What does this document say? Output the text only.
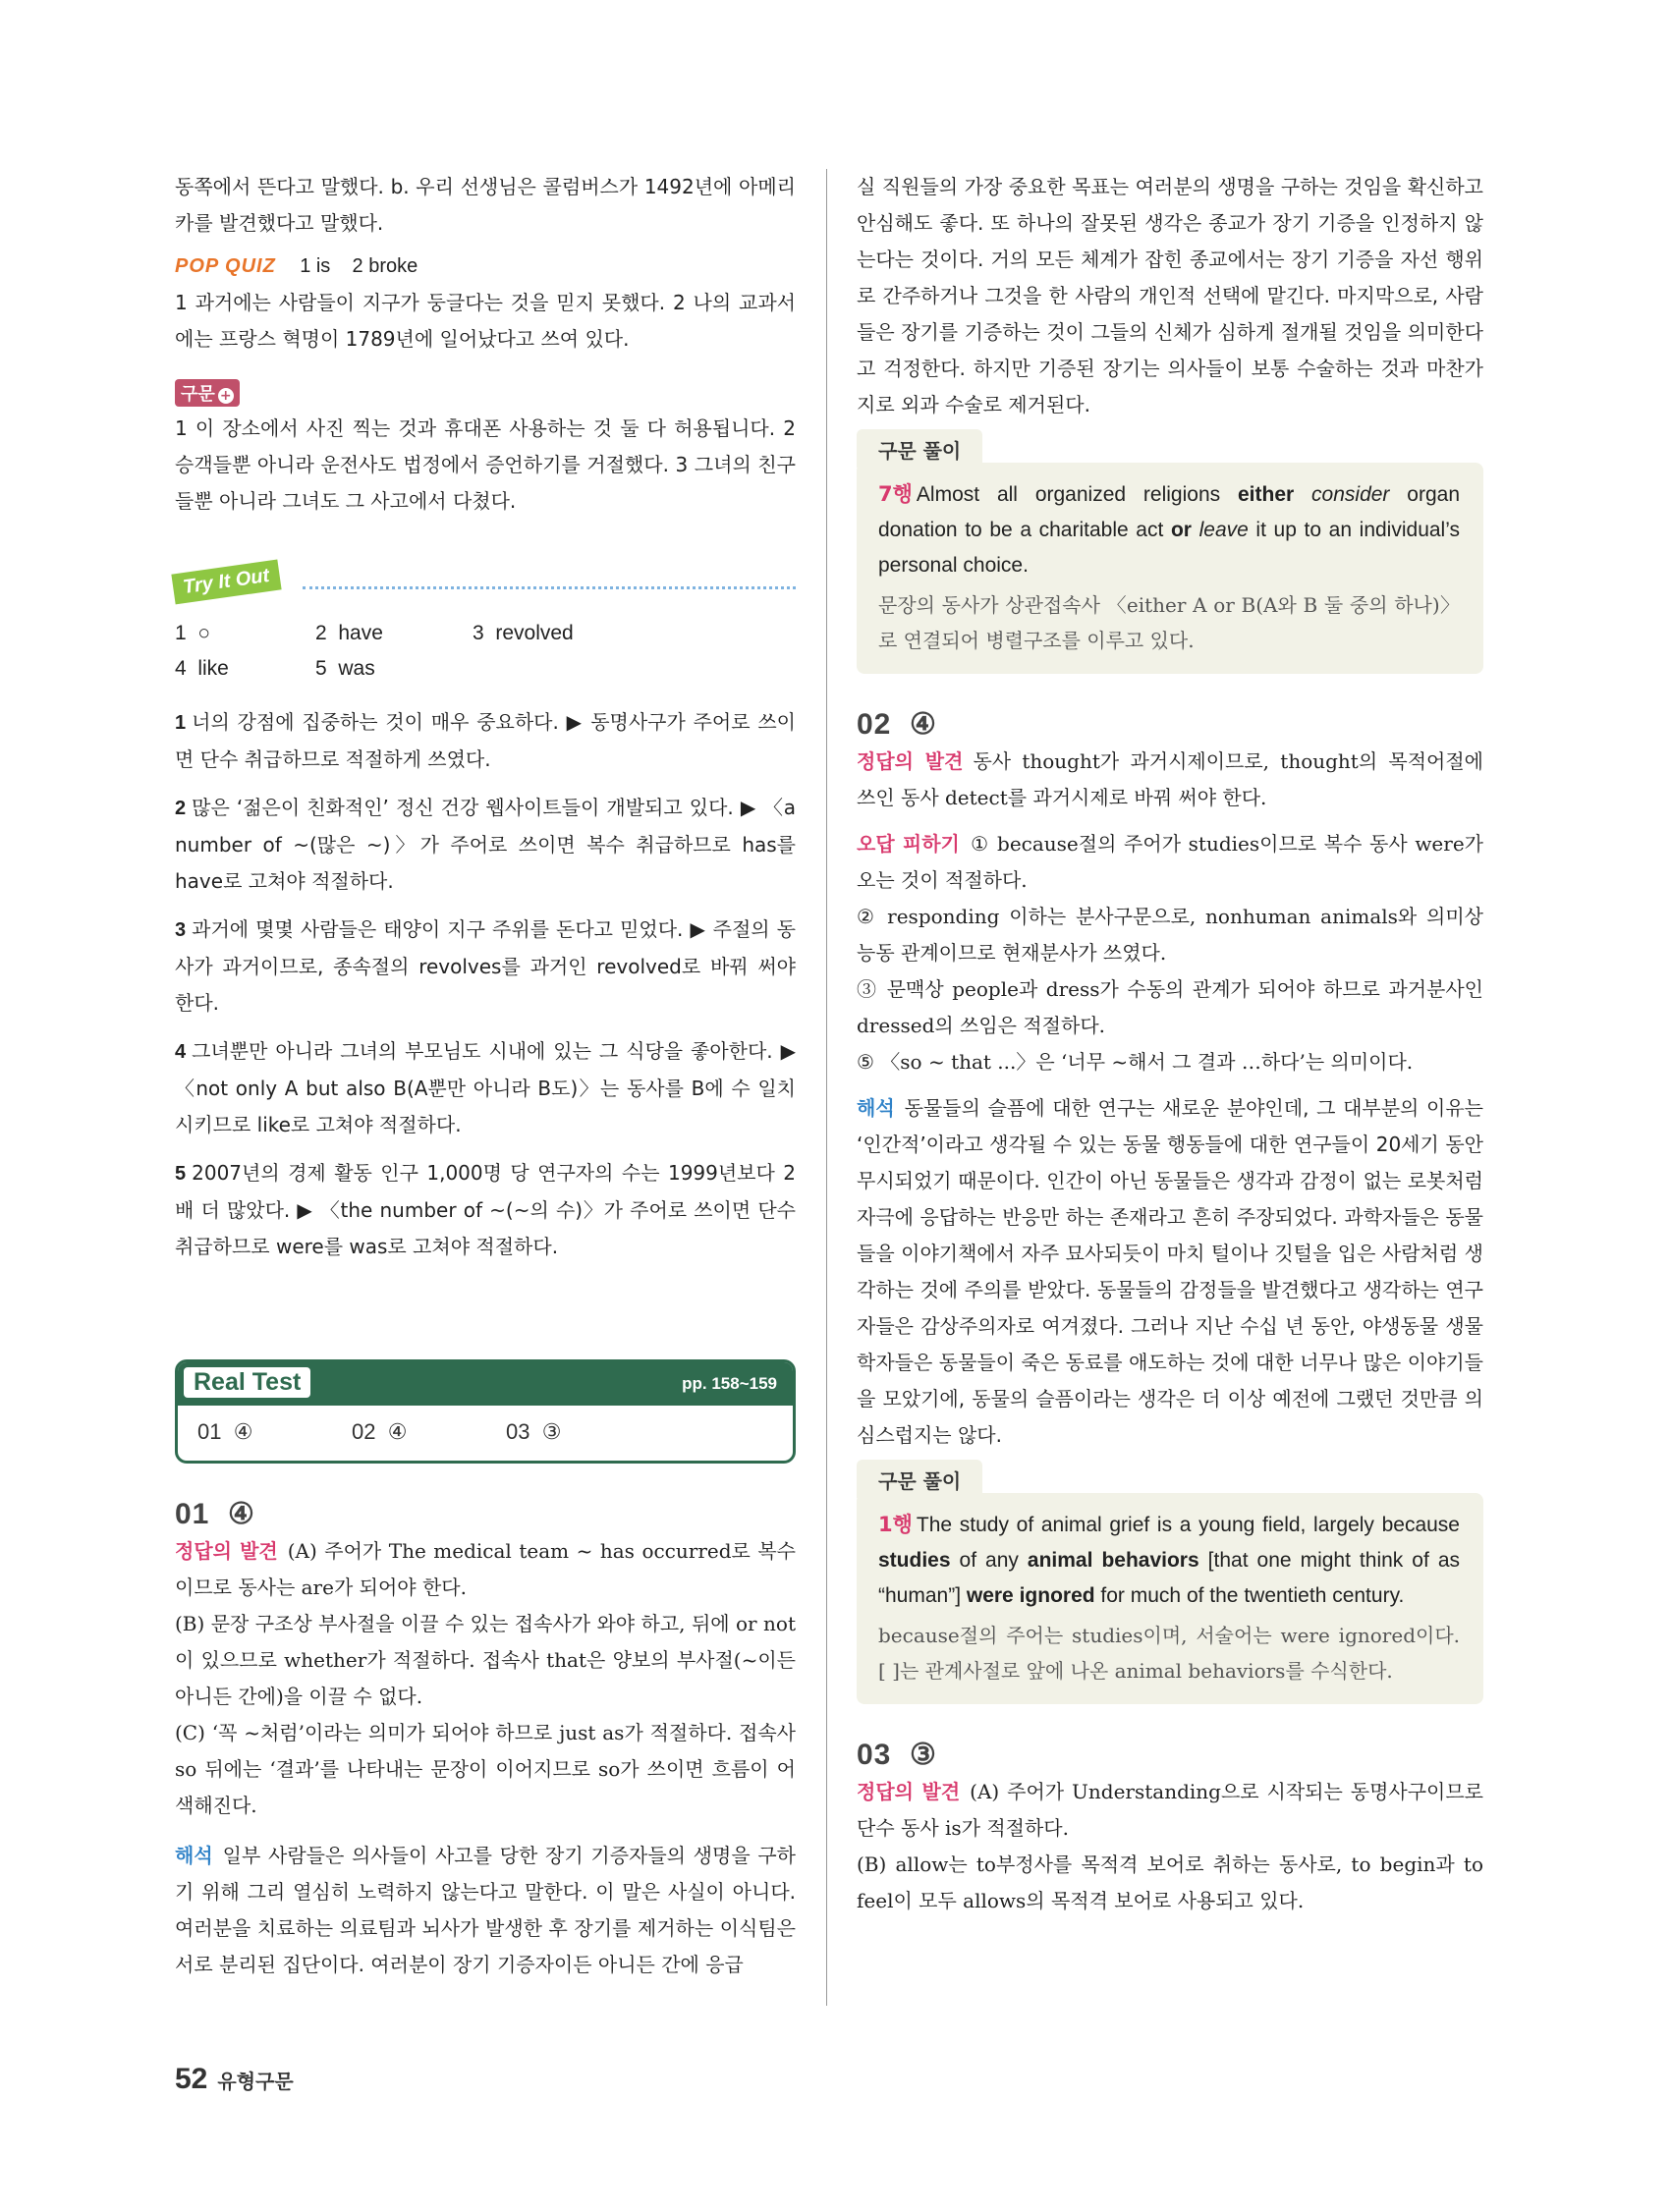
동쪽에서 뜬다고 말했다. b. 우리 선생님은 콜럼버스가 1492년에 아메리카를 발견했다고 말했다.

POP QUIZ 1 is    2 broke

1 과거에는 사람들이 지구가 둥글다는 것을 믿지 못했다. 2 나의 교과서에는 프랑스 혁명이 1789년에 일어났다고 쓰여 있다.

구문 +

1 이 장소에서 사진 찍는 것과 휴대폰 사용하는 것 둘 다 허용됩니다. 2 승객들뿐 아니라 운전사도 법정에서 증언하기를 거절했다. 3 그녀의 친구들뿐 아니라 그녀도 그 사고에서 다쳤다.

Try It Out
1  ○	2  have	3  revolved
4  like	5  was
1 너의 강점에 집중하는 것이 매우 중요하다. ▶ 동명사구가 주어로 쓰이면 단수 취급하므로 적절하게 쓰였다.
2 많은 ‘젊은이 친화적인’ 정신 건강 웹사이트들이 개발되고 있다. ▶ 〈a number of ~(많은 ~)〉가 주어로 쓰이면 복수 취급하므로 has를 have로 고쳐야 적절하다.
3 과거에 몇몇 사람들은 태양이 지구 주위를 돈다고 믿었다. ▶ 주절의 동사가 과거이므로, 종속절의 revolves를 과거인 revolved로 바꿔 써야 한다.
4 그녀뿐만 아니라 그녀의 부모님도 시내에 있는 그 식당을 좋아한다. ▶ 〈not only A but also B(A뿐만 아니라 B도)〉는 동사를 B에 수 일치시키므로 like로 고쳐야 적절하다.
5 2007년의 경제 활동 인구 1,000명 당 연구자의 수는 1999년보다 2배 더 많았다. ▶ 〈the number of ~(~의 수)〉가 주어로 쓰이면 단수 취급하므로 were를 was로 고쳐야 적절하다.
Real Test	pp. 158~159
01  ④	02  ④	03  ③
01  ④

정답의 발견 (A) 주어가 The medical team ~ has occurred로 복수이므로 동사는 are가 되어야 한다.

(B) 문장 구조상 부사절을 이끌 수 있는 접속사가 와야 하고, 뒤에 or not이 있으므로 whether가 적절하다. 접속사 that은 양보의 부사절(~이든 아니든 간에)을 이끌 수 없다.

(C) ‘꼭 ~처럼’이라는 의미가 되어야 하므로 just as가 적절하다. 접속사 so 뒤에는 ‘결과’를 나타내는 문장이 이어지므로 so가 쓰이면 흐름이 어색해진다.

해석 일부 사람들은 의사들이 사고를 당한 장기 기증자들의 생명을 구하기 위해 그리 열심히 노력하지 않는다고 말한다. 이 말은 사실이 아니다. 여러분을 치료하는 의료팀과 뇌사가 발생한 후 장기를 제거하는 이식팀은 서로 분리된 집단이다. 여러분이 장기 기증자이든 아니든 간에 응급

실 직원들의 가장 중요한 목표는 여러분의 생명을 구하는 것임을 확신하고 안심해도 좋다. 또 하나의 잘못된 생각은 종교가 장기 기증을 인정하지 않는다는 것이다. 거의 모든 체계가 잡힌 종교에서는 장기 기증을 자선 행위로 간주하거나 그것을 한 사람의 개인적 선택에 맡긴다. 마지막으로, 사람들은 장기를 기증하는 것이 그들의 신체가 심하게 절개될 것임을 의미한다고 걱정한다. 하지만 기증된 장기는 의사들이 보통 수술하는 것과 마찬가지로 외과 수술로 제거된다.

구문 풀이

7행 Almost all organized religions either consider organ donation to be a charitable act or leave it up to an individual’s personal choice.

문장의 동사가 상관접속사 〈either A or B(A와 B 둘 중의 하나)〉로 연결되어 병렬구조를 이루고 있다.

02  ④

정답의 발견 동사 thought가 과거시제이므로, thought의 목적어절에 쓰인 동사 detect를 과거시제로 바꿔 써야 한다.

오답 피하기 ① because절의 주어가 studies이므로 복수 동사 were가 오는 것이 적절하다.

② responding 이하는 분사구문으로, nonhuman animals와 의미상 능동 관계이므로 현재분사가 쓰였다.

③ 문맥상 people과 dress가 수동의 관계가 되어야 하므로 과거분사인 dressed의 쓰임은 적절하다.

⑤ 〈so ~ that ...〉은 ‘너무 ~해서 그 결과 …하다’는 의미이다.

해석 동물들의 슬픔에 대한 연구는 새로운 분야인데, 그 대부분의 이유는 ‘인간적’이라고 생각될 수 있는 동물 행동들에 대한 연구들이 20세기 동안 무시되었기 때문이다. 인간이 아닌 동물들은 생각과 감정이 없는 로봇처럼 자극에 응답하는 반응만 하는 존재라고 흔히 주장되었다. 과학자들은 동물들을 이야기책에서 자주 묘사되듯이 마치 털이나 깃털을 입은 사람처럼 생각하는 것에 주의를 받았다. 동물들의 감정들을 발견했다고 생각하는 연구자들은 감상주의자로 여겨졌다. 그러나 지난 수십 년 동안, 야생동물 생물학자들은 동물들이 죽은 동료를 애도하는 것에 대한 너무나 많은 이야기들을 모았기에, 동물의 슬픔이라는 생각은 더 이상 예전에 그랬던 것만큼 의심스럽지는 않다.

구문 풀이

1행 The study of animal grief is a young field, largely because studies of any animal behaviors [that one might think of as “human”] were ignored for much of the twentieth century.

because절의 주어는 studies이며, 서술어는 were ignored이다. [ ]는 관계사절로 앞에 나온 animal behaviors를 수식한다.

03  ③

정답의 발견 (A) 주어가 Understanding으로 시작되는 동명사구이므로 단수 동사 is가 적절하다.

(B) allow는 to부정사를 목적격 보어로 취하는 동사로, to begin과 to feel이 모두 allows의 목적격 보어로 사용되고 있다.

52 유형구문
